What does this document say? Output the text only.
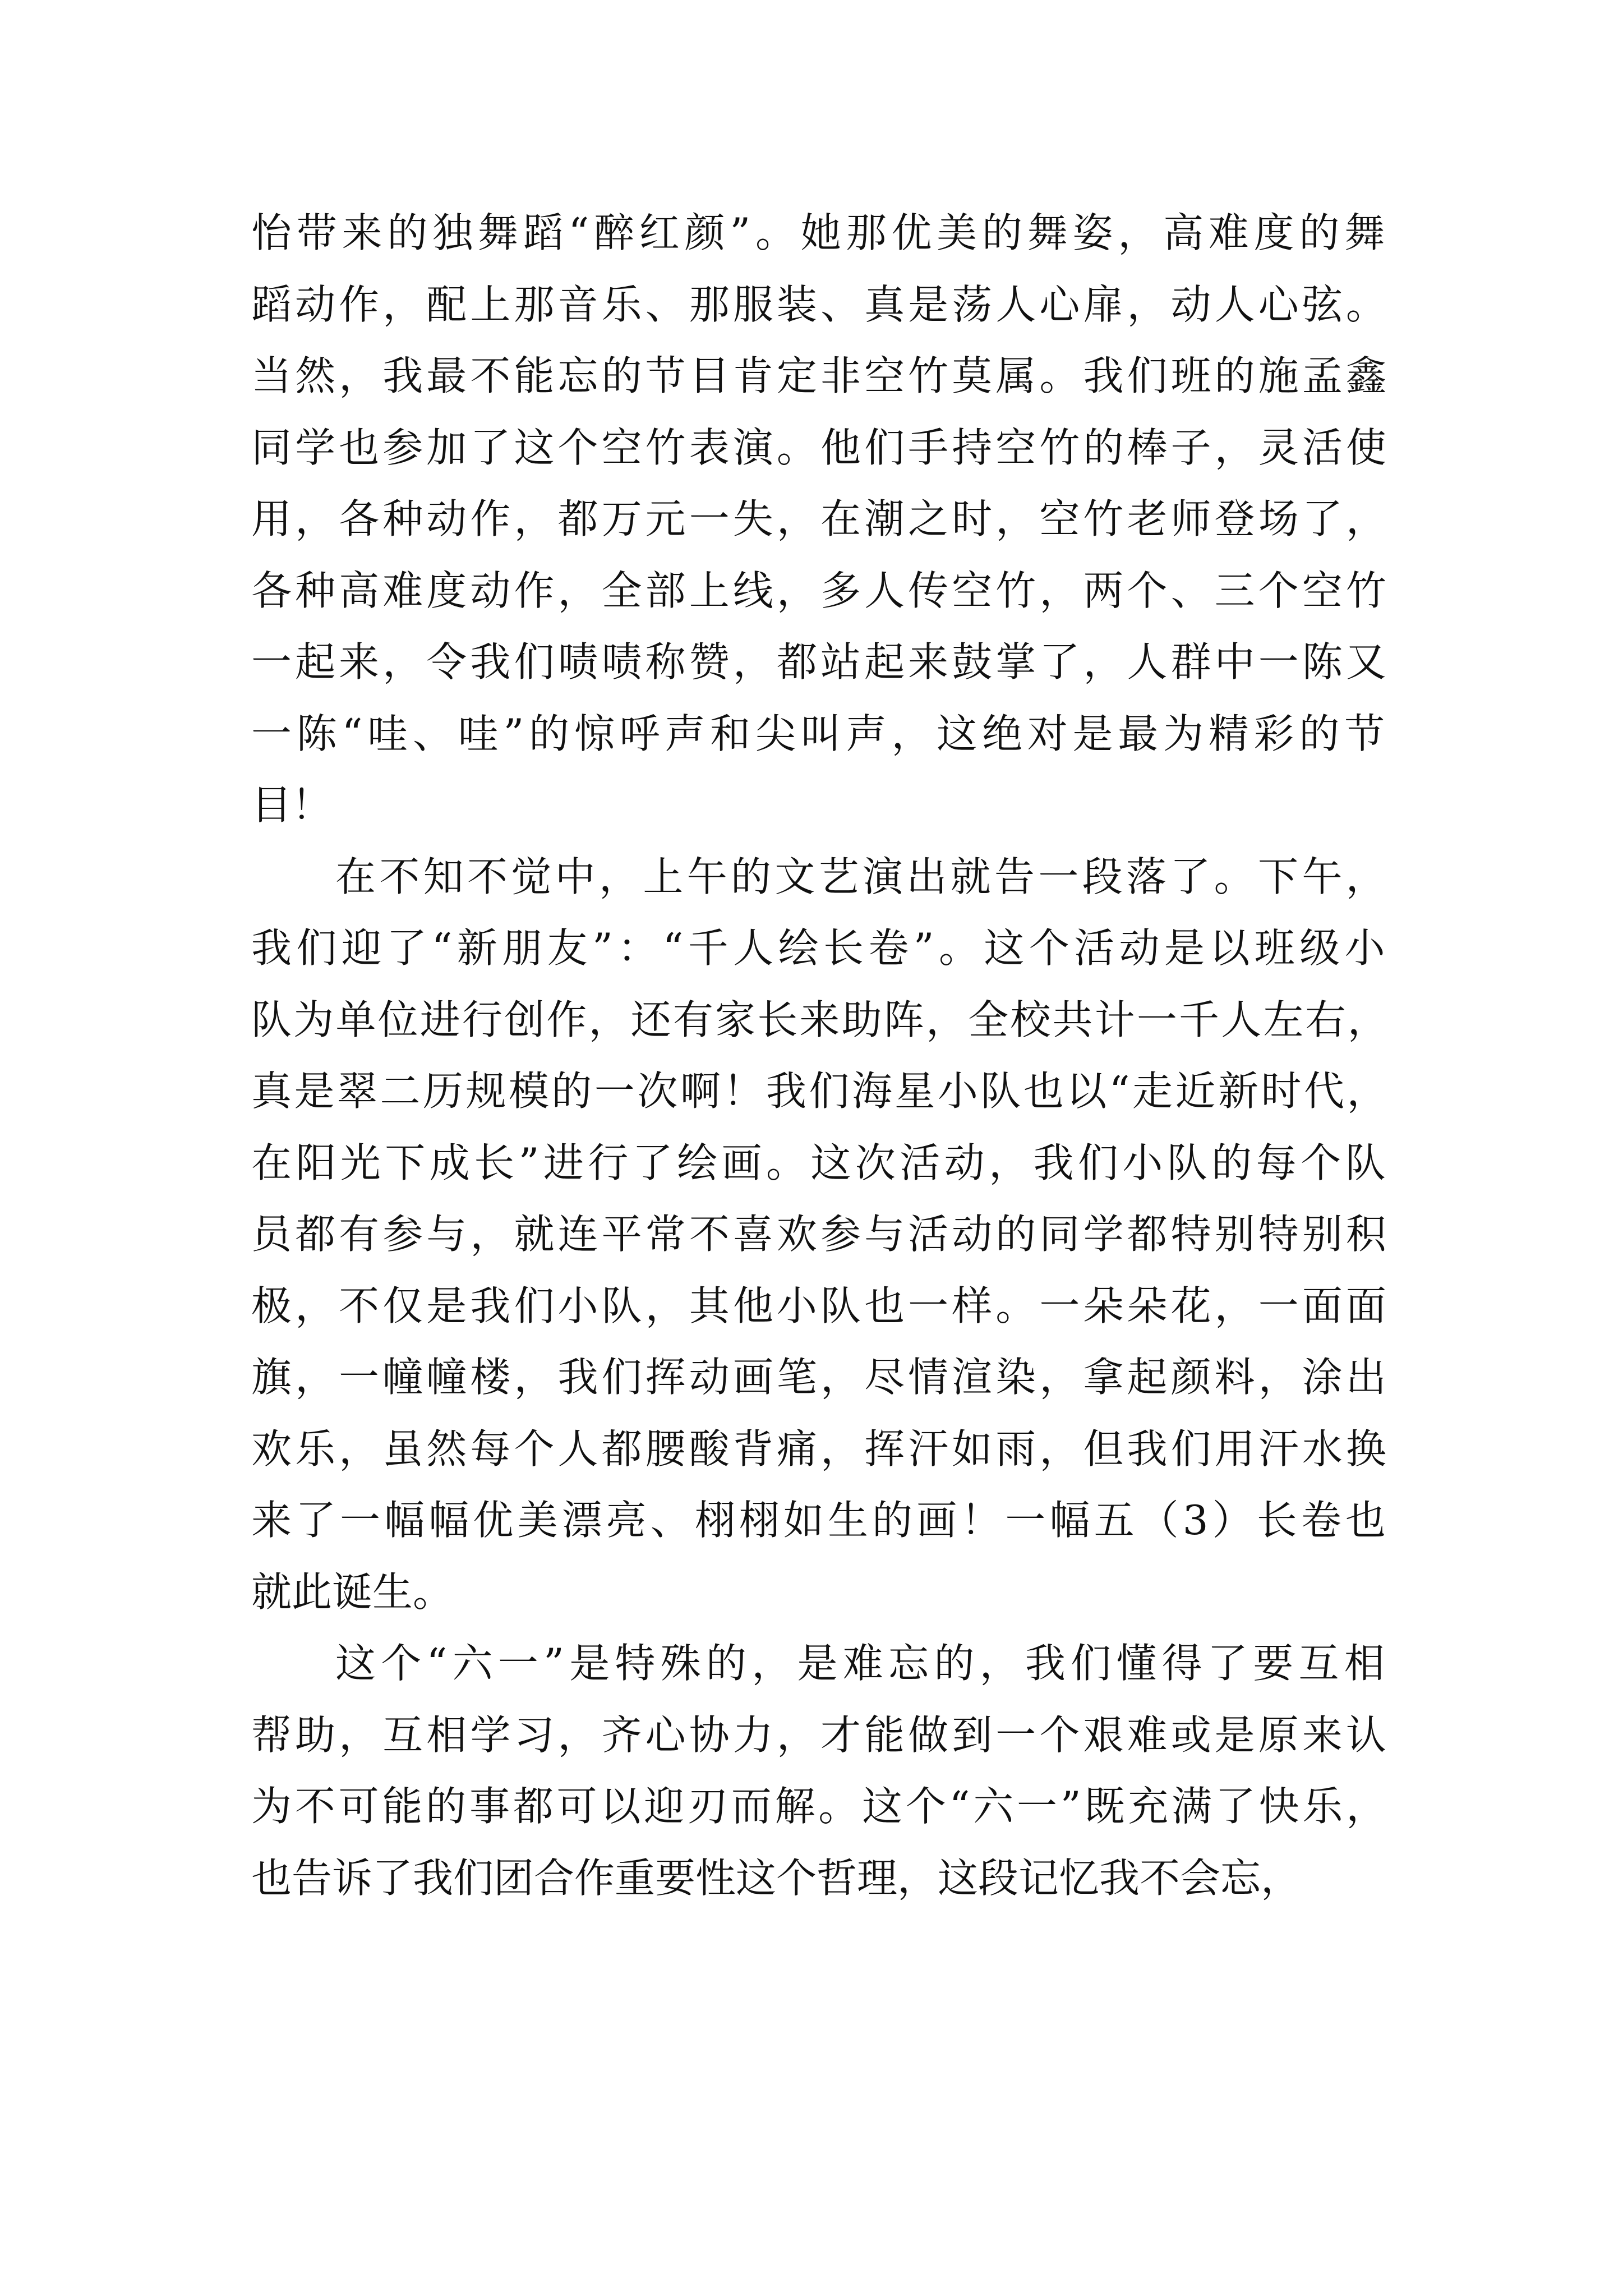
怡带来的独舞蹈“醉红颜”。她那优美的舞姿，高难度的舞
蹈动作，配上那音乐、那服装、真是荡人心扉，动人心弦。
当然，我最不能忘的节目肯定非空竹莫属。我们班的施孟鑫
同学也参加了这个空竹表演。他们手持空竹的棒子，灵活使
用，各种动作，都万元一失，在潮之时，空竹老师登场了，
各种高难度动作，全部上线，多人传空竹，两个、三个空竹
一起来，令我们啧啧称赞，都站起来鼓掌了，人群中一陈又
一陈“哇、哇”的惊呼声和尖叫声，这绝对是最为精彩的节
目！
在不知不觉中，上午的文艺演出就告一段落了。下午，
我们迎了“新朋友”：“千人绘长卷”。这个活动是以班级小
队为单位进行创作，还有家长来助阵，全校共计一千人左右，
真是翠二历规模的一次啊！我们海星小队也以“走近新时代，
在阳光下成长”进行了绘画。这次活动，我们小队的每个队
员都有参与，就连平常不喜欢参与活动的同学都特别特别积
极，不仅是我们小队，其他小队也一样。一朵朵花，一面面
旗，一幢幢楼，我们挥动画笔，尽情渲染，拿起颜料，涂出
欢乐，虽然每个人都腰酸背痛，挥汗如雨，但我们用汗水换
来了一幅幅优美漂亮、栩栩如生的画！一幅五（3）长卷也
就此诞生。
这个“六一”是特殊的，是难忘的，我们懂得了要互相
帮助，互相学习，齐心协力，才能做到一个艰难或是原来认
为不可能的事都可以迎刃而解。这个“六一”既充满了快乐，
也告诉了我们团合作重要性这个哲理，这段记忆我不会忘，
